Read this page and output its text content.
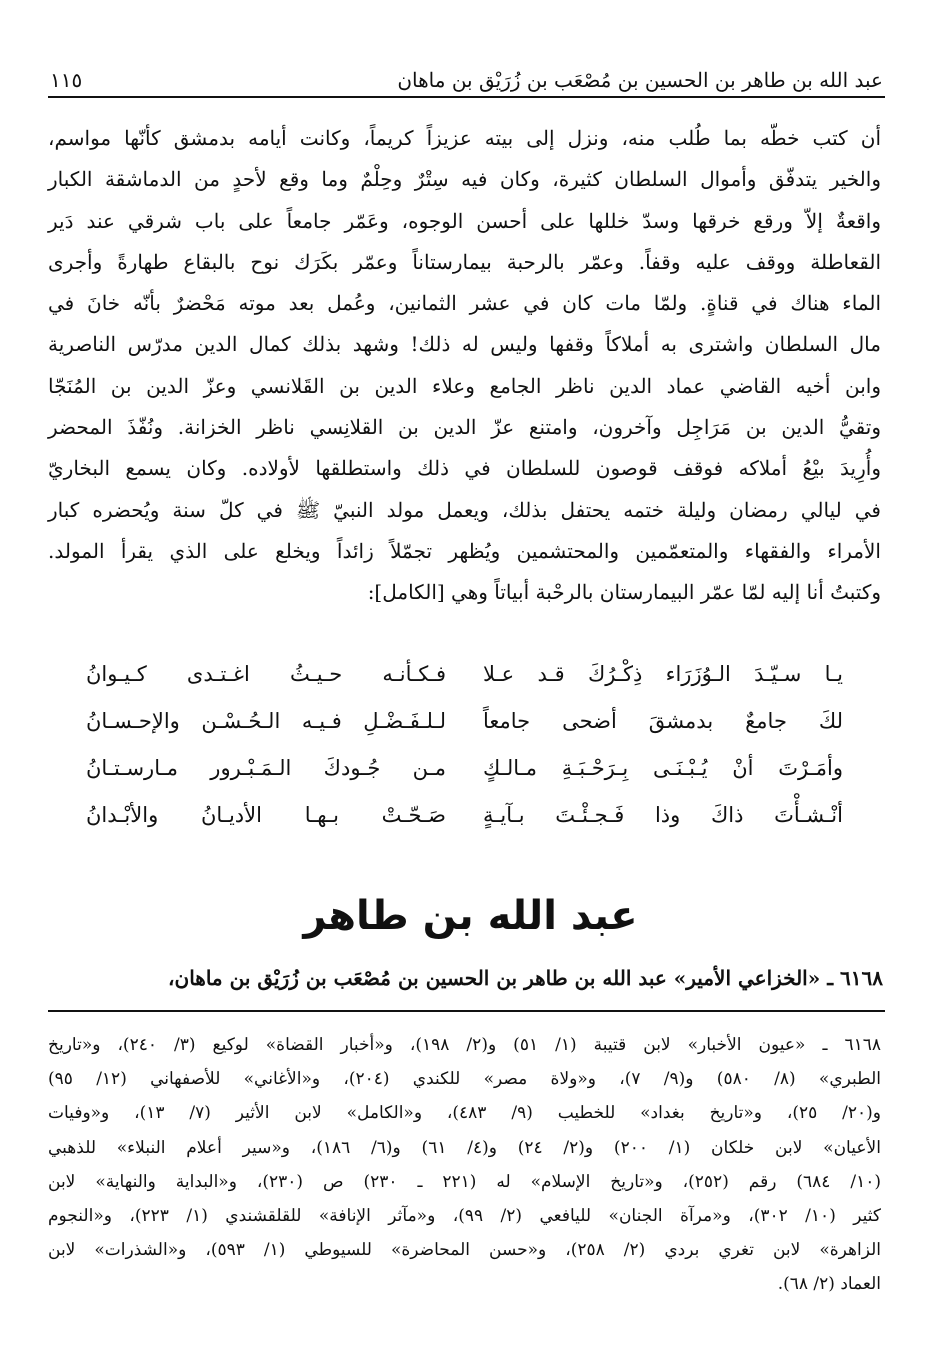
عبد الله بن طاهر بن الحسين بن مُصْعَب بن زُرَيْق بن ماهان
١١٥
أن كتب خطّه بما طُلب منه، ونزل إلى بيته عزيزاً كريماً، وكانت أيامه بدمشق كأنّها مواسم،
والخير يتدفّق وأموال السلطان كثيرة، وكان فيه سِتْرٌ وحِلْمٌ وما وقع لأحدٍ من الدماشقة الكبار
واقعةٌ إلاّ ورقع خرقها وسدّ خللها على أحسن الوجوه، وعَمّر جامعاً على باب شرقي عند دَير
القعاطلة ووقف عليه وقفاً. وعمّر بالرحبة بيمارستاناً وعمّر بكَرَك نوح بالبقاع طهارةً وأجرى
الماء هناك في قناةٍ. ولمّا مات كان في عشر الثمانين، وعُمل بعد موته مَحْضرٌ بأنّه خانَ في
مال السلطان واشترى به أملاكاً وقفها وليس له ذلك! وشهد بذلك كمال الدين مدرّس الناصرية
وابن أخيه القاضي عماد الدين ناظر الجامع وعلاء الدين بن القَلانسي وعزّ الدين بن المُنَجّا
وتقيُّ الدين بن مَرَاجِل وآخرون، وامتنع عزّ الدين بن القلانِسي ناظر الخزانة. ونُفّذَ المحضر
وأُرِيدَ بيْعُ أملاكه فوقف قوصون للسلطان في ذلك واستطلقها لأولاده. وكان يسمع البخاريّ
في ليالي رمضان وليلة ختمه يحتفل بذلك، ويعمل مولد النبيّ ﷺ في كلّ سنة ويُحضره كبار
الأمراء والفقهاء والمتعمّمين والمحتشمين ويُظهر تجمّلاً زائداً ويخلع على الذي يقرأ المولد.
وكتبتُ أنا إليه لمّا عمّر البيمارستان بالرحْبة أبياتاً وهي [الكامل]:
يـا سـيّـدَ الـوُزَرَاء ذِكْـرُكَ قـد عـلا
فـكـأنـه حـيـثُ اغـتـدى كـيـوانُ
لكَ جامعٌ بدمشقَ أضحى جامعاً
لـلـفَـضْـلِ فـيـه الـحُـسْـن والإحـسـانُ
وأمَـرْتَ أنْ يُـبْـنَـى بِـرَحْـبَـةِ مـالـكٍ
مـن جُـودكَ الـمَـبْـرور مـارسـتـانُ
أنْـشـأْتَ ذاكَ وذا فَـجـئْـتَ بـآيـةٍ
صَـحّـتْ بـهـا الأديـانُ والأبْـدانُ
عبد الله بن طاهر
٦١٦٨ ـ «الخزاعي الأمير» عبد الله بن طاهر بن الحسين بن مُصْعَب بن زُرَيْق بن ماهان،
٦١٦٨ ـ «عيون الأخبار» لابن قتيبة (١/ ٥١) و(٢/ ١٩٨)، و«أخبار القضاة» لوكيع (٣/ ٢٤٠)، و«تاريخ
الطبري» (٨/ ٥٨٠) و(٩/ ٧)، و«ولاة مصر» للكندي (٢٠٤)، و«الأغاني» للأصفهاني (١٢/ ٩٥)
و(٢٠/ ٢٥)، و«تاريخ بغداد» للخطيب (٩/ ٤٨٣)، و«الكامل» لابن الأثير (٧/ ١٣)، و«وفيات
الأعيان» لابن خلكان (١/ ٢٠٠) و(٢/ ٢٤) و(٤/ ٦١) و(٦/ ١٨٦)، و«سير أعلام النبلاء» للذهبي
(١٠/ ٦٨٤) رقم (٢٥٢)، و«تاريخ الإسلام» له (٢٢١ ـ ٢٣٠) ص (٢٣٠)، و«البداية والنهاية» لابن
كثير (١٠/ ٣٠٢)، و«مرآة الجنان» لليافعي (٢/ ٩٩)، و«مآثر الإنافة» للقلقشندي (١/ ٢٢٣)، و«النجوم
الزاهرة» لابن تغري بردي (٢/ ٢٥٨)، و«حسن المحاضرة» للسيوطي (١/ ٥٩٣)، و«الشذرات» لابن
العماد (٢/ ٦٨).
